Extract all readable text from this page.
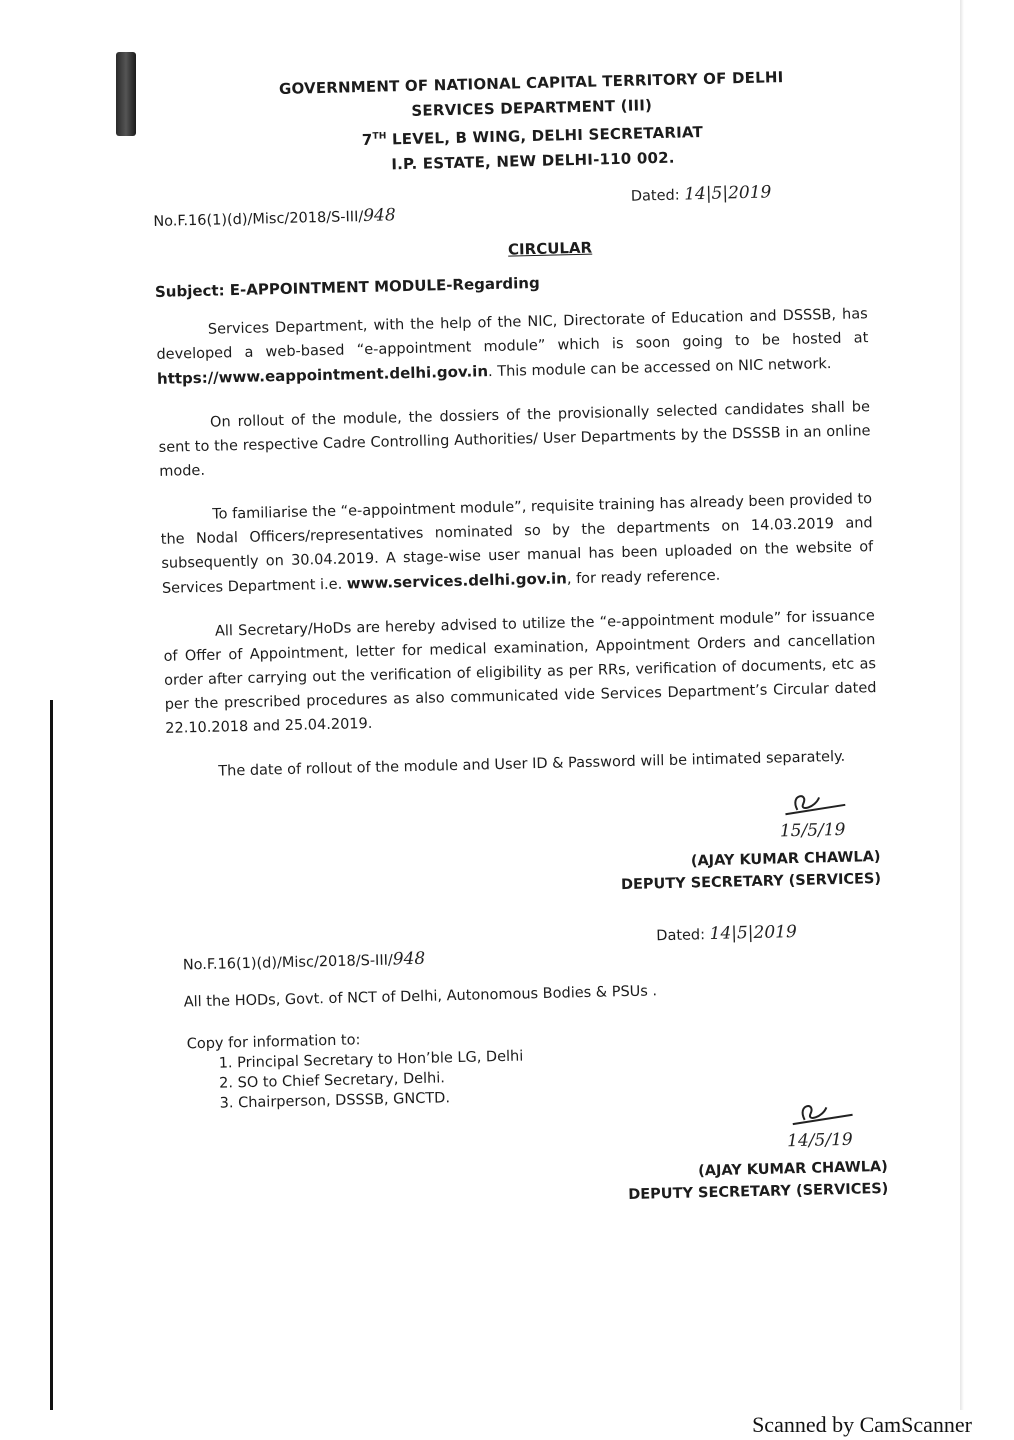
GOVERNMENT OF NATIONAL CAPITAL TERRITORY OF DELHI
SERVICES DEPARTMENT (III)
7TH LEVEL, B WING, DELHI SECRETARIAT
I.P. ESTATE, NEW DELHI-110 002.
No.F.16(1)(d)/Misc/2018/S-III/948
Dated: 14|5|2019
CIRCULAR
Subject: E-APPOINTMENT MODULE-Regarding

Services Department, with the help of the NIC, Directorate of Education and DSSSB, has developed a web-based “e-appointment module” which is soon going to be hosted at https://www.eappointment.delhi.gov.in. This module can be accessed on NIC network.

On rollout of the module, the dossiers of the provisionally selected candidates shall be sent to the respective Cadre Controlling Authorities/ User Departments by the DSSSB in an online mode.

To familiarise the “e-appointment module”, requisite training has already been provided to the Nodal Officers/representatives nominated so by the departments on 14.03.2019 and subsequently on 30.04.2019. A stage-wise user manual has been uploaded on the website of Services Department i.e. www.services.delhi.gov.in, for ready reference.

All Secretary/HoDs are hereby advised to utilize the “e-appointment module” for issuance of Offer of Appointment, letter for medical examination, Appointment Orders and cancellation order after carrying out the verification of eligibility as per RRs, verification of documents, etc as per the prescribed procedures as also communicated vide Services Department’s Circular dated 22.10.2018 and 25.04.2019.

The date of rollout of the module and User ID & Password will be intimated separately.

15/5/19
(AJAY KUMAR CHAWLA)
DEPUTY SECRETARY (SERVICES)
No.F.16(1)(d)/Misc/2018/S-III/948
Dated: 14|5|2019
All the HODs, Govt. of NCT of Delhi, Autonomous Bodies & PSUs .
Copy for information to:
1. Principal Secretary to Hon’ble LG, Delhi
2. SO to Chief Secretary, Delhi.
3. Chairperson, DSSSB, GNCTD.
14/5/19
(AJAY KUMAR CHAWLA)
DEPUTY SECRETARY (SERVICES)
Scanned by CamScanner
